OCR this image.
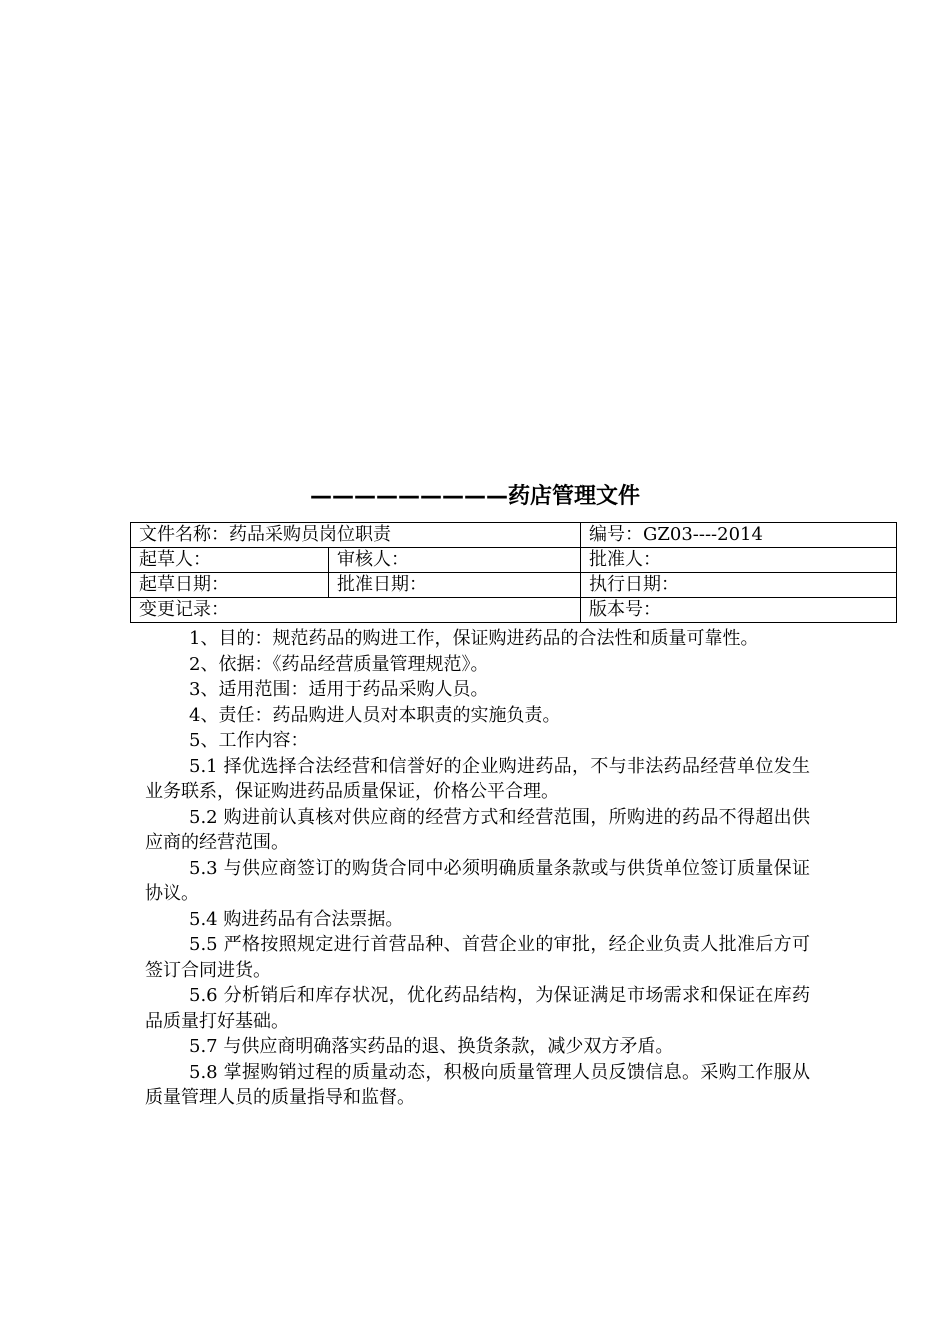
—————————药店管理文件
文件名称：药品采购员岗位职责		编号：GZ03----2014
起草人：	审核人：	批准人：
起草日期：	批准日期：	执行日期：
变更记录：		版本号：

1、目的：规范药品的购进工作，保证购进药品的合法性和质量可靠性。

2、依据：《药品经营质量管理规范》。

3、适用范围：适用于药品采购人员。

4、责任：药品购进人员对本职责的实施负责。

5、工作内容：

5.1 择优选择合法经营和信誉好的企业购进药品，不与非法药品经营单位发生业务联系，保证购进药品质量保证，价格公平合理。

5.2 购进前认真核对供应商的经营方式和经营范围，所购进的药品不得超出供应商的经营范围。

5.3 与供应商签订的购货合同中必须明确质量条款或与供货单位签订质量保证协议。

5.4 购进药品有合法票据。

5.5 严格按照规定进行首营品种、首营企业的审批，经企业负责人批准后方可签订合同进货。

5.6 分析销后和库存状况，优化药品结构，为保证满足市场需求和保证在库药品质量打好基础。

5.7 与供应商明确落实药品的退、换货条款，减少双方矛盾。

5.8 掌握购销过程的质量动态，积极向质量管理人员反馈信息。采购工作服从质量管理人员的质量指导和监督。
